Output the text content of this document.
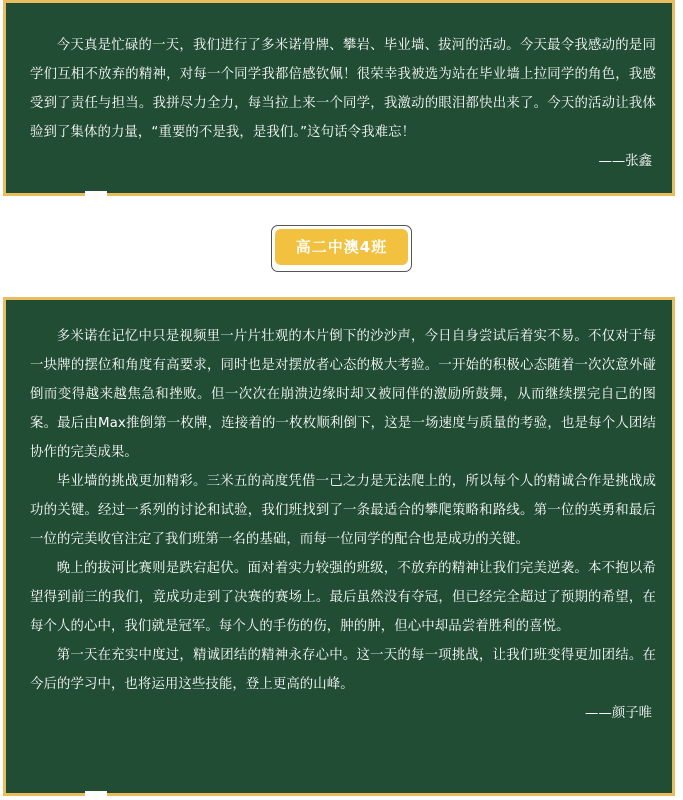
今天真是忙碌的一天，我们进行了多米诺骨牌、攀岩、毕业墙、拔河的活动。今天最令我感动的是同学们互相不放弃的精神，对每一个同学我都倍感钦佩！很荣幸我被选为站在毕业墙上拉同学的角色，我感受到了责任与担当。我拼尽力全力，每当拉上来一个同学，我激动的眼泪都快出来了。今天的活动让我体验到了集体的力量，“重要的不是我，是我们。”这句话令我难忘！

——张鑫

高二中澳4班

多米诺在记忆中只是视频里一片片壮观的木片倒下的沙沙声，今日自身尝试后着实不易。不仅对于每一块牌的摆位和角度有高要求，同时也是对摆放者心态的极大考验。一开始的积极心态随着一次次意外碰倒而变得越来越焦急和挫败。但一次次在崩溃边缘时却又被同伴的激励所鼓舞，从而继续摆完自己的图案。最后由Max推倒第一枚牌，连接着的一枚枚顺利倒下，这是一场速度与质量的考验，也是每个人团结协作的完美成果。

毕业墙的挑战更加精彩。三米五的高度凭借一己之力是无法爬上的，所以每个人的精诚合作是挑战成功的关键。经过一系列的讨论和试验，我们班找到了一条最适合的攀爬策略和路线。第一位的英勇和最后一位的完美收官注定了我们班第一名的基础，而每一位同学的配合也是成功的关键。

晚上的拔河比赛则是跌宕起伏。面对着实力较强的班级，不放弃的精神让我们完美逆袭。本不抱以希望得到前三的我们，竟成功走到了决赛的赛场上。最后虽然没有夺冠，但已经完全超过了预期的希望，在每个人的心中，我们就是冠军。每个人的手伤的伤，肿的肿，但心中却品尝着胜利的喜悦。

第一天在充实中度过，精诚团结的精神永存心中。这一天的每一项挑战，让我们班变得更加团结。在今后的学习中，也将运用这些技能，登上更高的山峰。

——颜子唯
